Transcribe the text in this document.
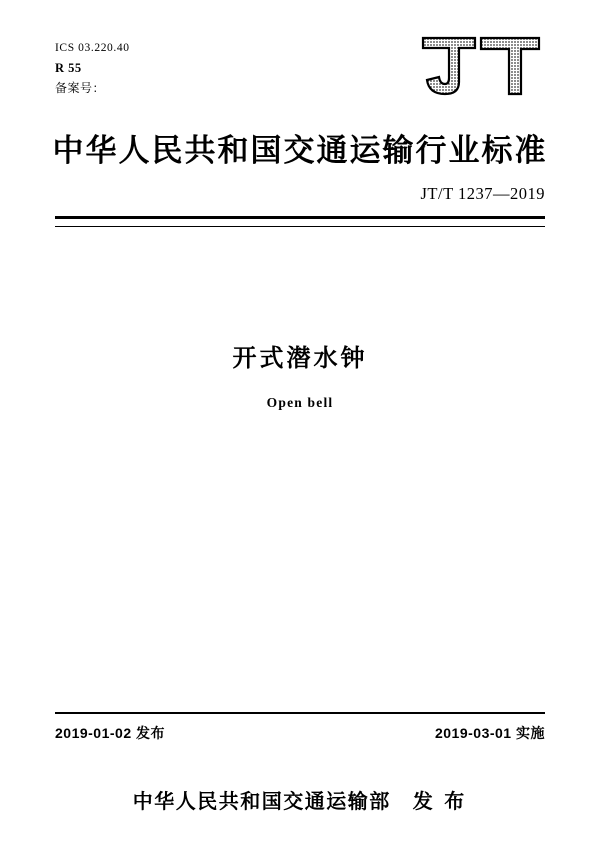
ICS 03.220.40
R 55
备案号：
中华人民共和国交通运输行业标准
JT/T 1237—2019
开式潜水钟
Open bell
2019-01-02 发布	2019-03-01 实施
中华人民共和国交通运输部 发 布
